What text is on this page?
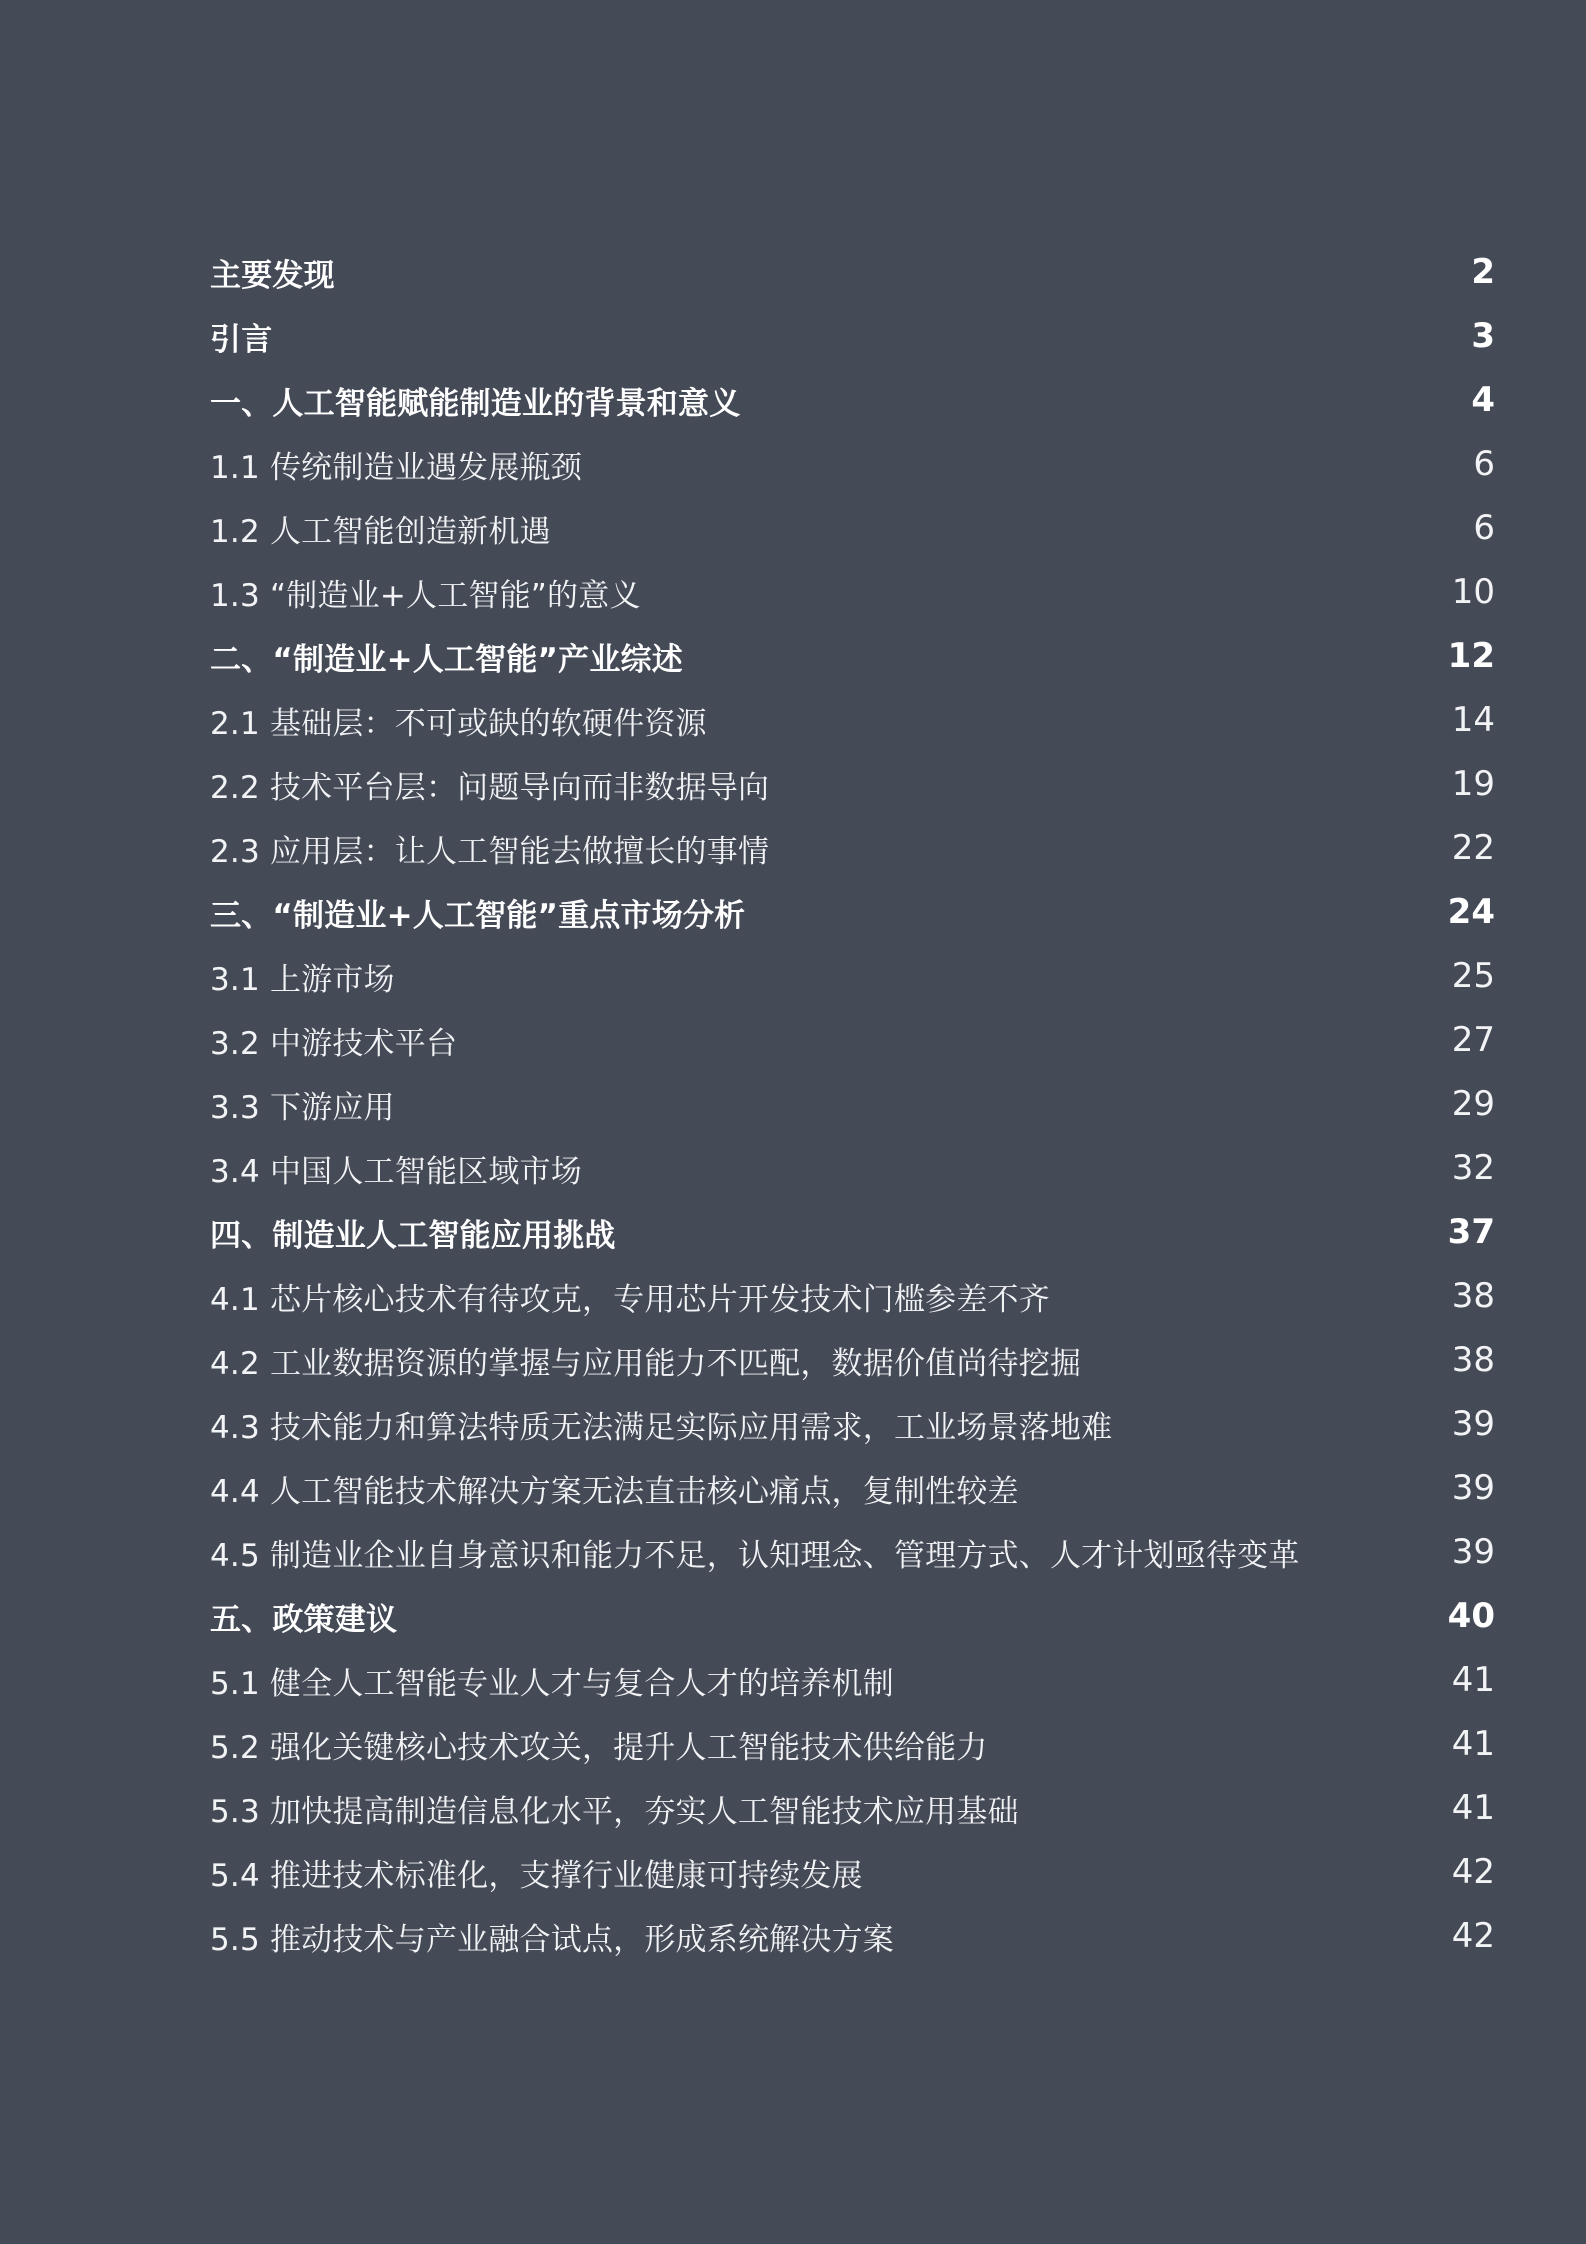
主要发现	2
引言	3
一、人工智能赋能制造业的背景和意义	4
1.1 传统制造业遇发展瓶颈	6
1.2 人工智能创造新机遇	6
1.3 “制造业+人工智能”的意义	10
二、“制造业+人工智能”产业综述	12
2.1 基础层：不可或缺的软硬件资源	14
2.2 技术平台层：问题导向而非数据导向	19
2.3 应用层：让人工智能去做擅长的事情	22
三、“制造业+人工智能”重点市场分析	24
3.1 上游市场	25
3.2 中游技术平台	27
3.3 下游应用	29
3.4 中国人工智能区域市场	32
四、制造业人工智能应用挑战	37
4.1 芯片核心技术有待攻克，专用芯片开发技术门槛参差不齐	38
4.2 工业数据资源的掌握与应用能力不匹配，数据价值尚待挖掘	38
4.3 技术能力和算法特质无法满足实际应用需求，工业场景落地难	39
4.4 人工智能技术解决方案无法直击核心痛点，复制性较差	39
4.5 制造业企业自身意识和能力不足，认知理念、管理方式、人才计划亟待变革	39
五、政策建议	40
5.1 健全人工智能专业人才与复合人才的培养机制	41
5.2 强化关键核心技术攻关，提升人工智能技术供给能力	41
5.3 加快提高制造信息化水平，夯实人工智能技术应用基础	41
5.4 推进技术标准化，支撑行业健康可持续发展	42
5.5 推动技术与产业融合试点，形成系统解决方案	42
